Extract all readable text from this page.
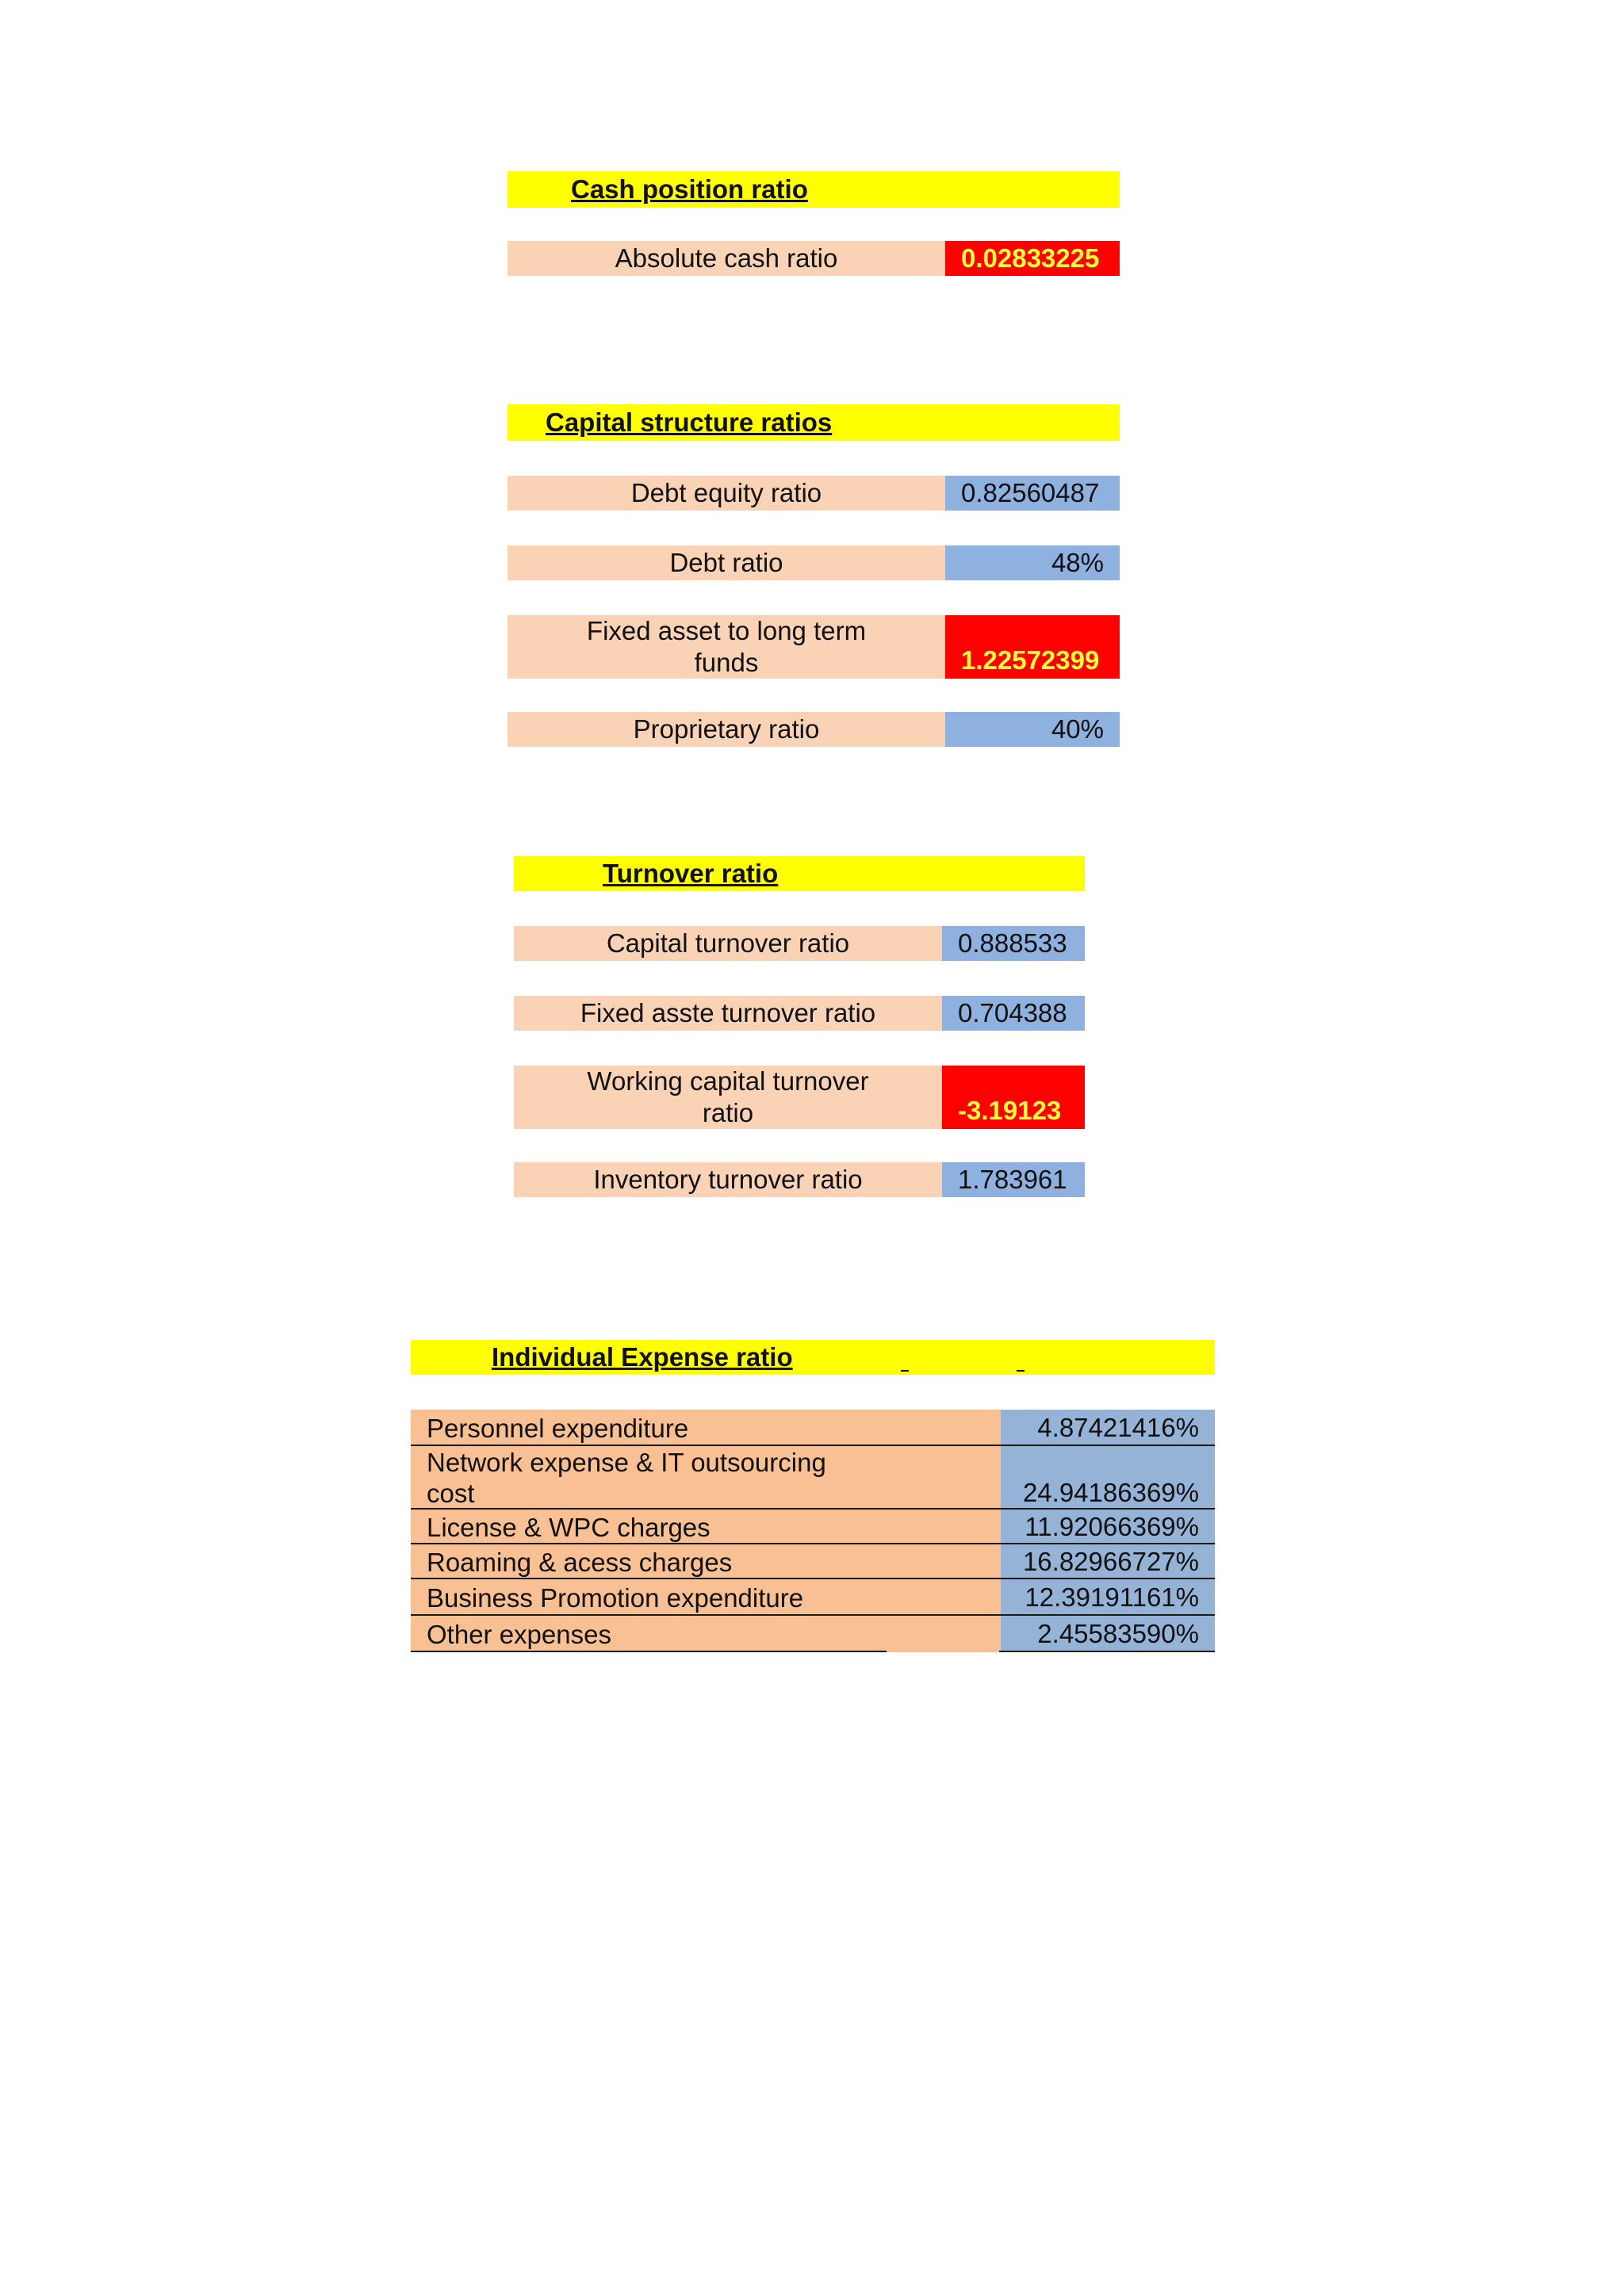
Cash position ratio
Absolute cash ratio	0.02833225
Capital structure ratios
Debt equity ratio	0.82560487
Debt ratio	48%
Fixed asset to long term
funds	1.22572399
Proprietary ratio	40%
Turnover ratio
Capital turnover ratio	0.888533
Fixed asste turnover ratio	0.704388
Working capital turnover
ratio	-3.19123
Inventory turnover ratio	1.783961
Individual Expense ratio
Personnel expenditure	4.87421416%
Network expense & IT outsourcing
cost	24.94186369%
License & WPC charges	11.92066369%
Roaming & acess charges	16.82966727%
Business Promotion expenditure	12.39191161%
Other expenses	2.45583590%
